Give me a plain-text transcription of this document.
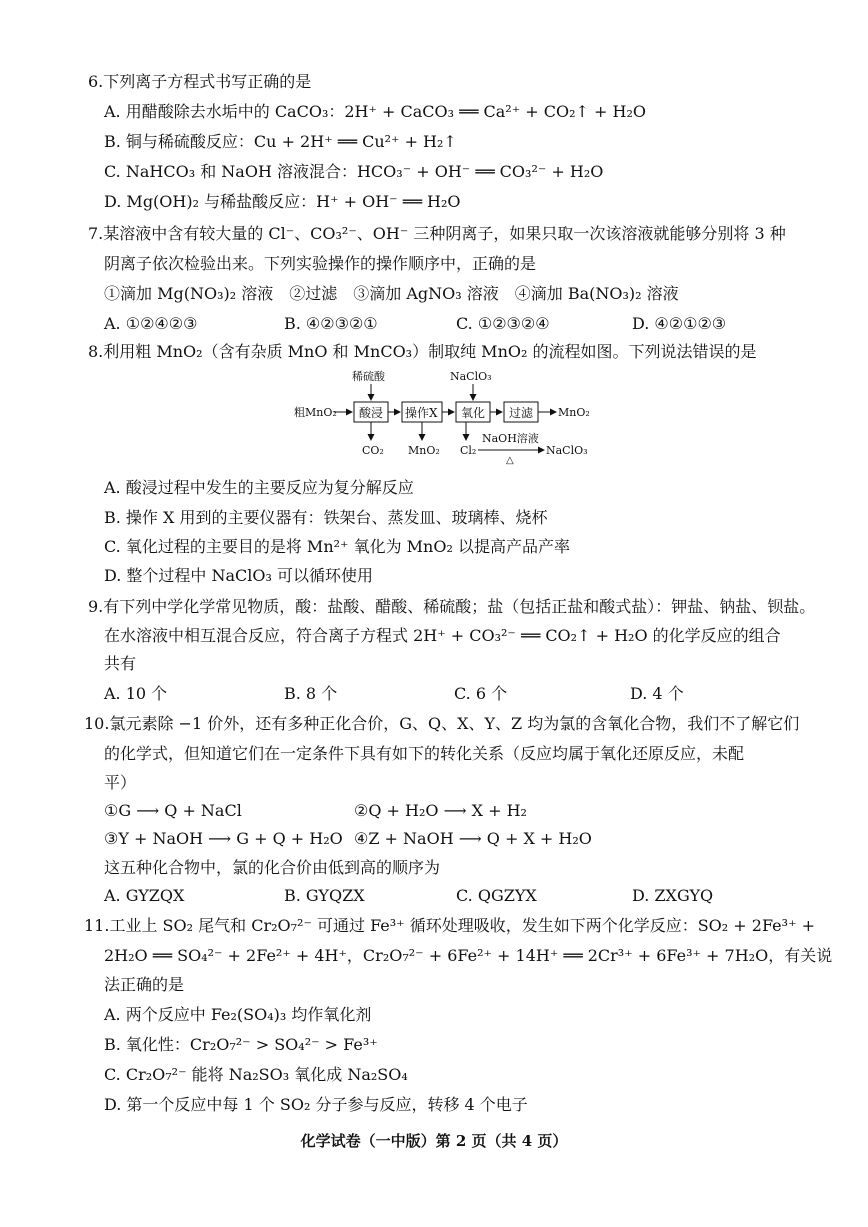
6.下列离子方程式书写正确的是
A. 用醋酸除去水垢中的 CaCO₃：2H⁺ + CaCO₃ ══ Ca²⁺ + CO₂↑ + H₂O
B. 铜与稀硫酸反应：Cu + 2H⁺ ══ Cu²⁺ + H₂↑
C. NaHCO₃ 和 NaOH 溶液混合：HCO₃⁻ + OH⁻ ══ CO₃²⁻ + H₂O
D. Mg(OH)₂ 与稀盐酸反应：H⁺ + OH⁻ ══ H₂O
7.某溶液中含有较大量的 Cl⁻、CO₃²⁻、OH⁻ 三种阴离子，如果只取一次该溶液就能够分别将 3 种
阴离子依次检验出来。下列实验操作的操作顺序中，正确的是
①滴加 Mg(NO₃)₂ 溶液　②过滤　③滴加 AgNO₃ 溶液　④滴加 Ba(NO₃)₂ 溶液
A. ①②④②③	B. ④②③②①	C. ①②③②④	D. ④②①②③
8.利用粗 MnO₂（含有杂质 MnO 和 MnCO₃）制取纯 MnO₂ 的流程如图。下列说法错误的是
粗MnO₂ 酸浸 操作X 氧化 过滤 MnO₂
稀硫酸	NaClO₃
CO₂ MnO₂ Cl₂
NaOH溶液
△
NaClO₃
A. 酸浸过程中发生的主要反应为复分解反应
B. 操作 X 用到的主要仪器有：铁架台、蒸发皿、玻璃棒、烧杯
C. 氧化过程的主要目的是将 Mn²⁺ 氧化为 MnO₂ 以提高产品产率
D. 整个过程中 NaClO₃ 可以循环使用
9.有下列中学化学常见物质，酸：盐酸、醋酸、稀硫酸；盐（包括正盐和酸式盐）：钾盐、钠盐、钡盐。
在水溶液中相互混合反应，符合离子方程式 2H⁺ + CO₃²⁻ ══ CO₂↑ + H₂O 的化学反应的组合
共有
A. 10 个	B. 8 个	C. 6 个	D. 4 个
10.氯元素除 −1 价外，还有多种正化合价，G、Q、X、Y、Z 均为氯的含氧化合物，我们不了解它们
的化学式，但知道它们在一定条件下具有如下的转化关系（反应均属于氧化还原反应，未配
平）
①G ⟶ Q + NaCl	②Q + H₂O ⟶ X + H₂
③Y + NaOH ⟶ G + Q + H₂O ④Z + NaOH ⟶ Q + X + H₂O
这五种化合物中，氯的化合价由低到高的顺序为
A. GYZQX	B. GYQZX	C. QGZYX	D. ZXGYQ
11.工业上 SO₂ 尾气和 Cr₂O₇²⁻ 可通过 Fe³⁺ 循环处理吸收，发生如下两个化学反应：SO₂ + 2Fe³⁺ +
2H₂O ══ SO₄²⁻ + 2Fe²⁺ + 4H⁺，Cr₂O₇²⁻ + 6Fe²⁺ + 14H⁺ ══ 2Cr³⁺ + 6Fe³⁺ + 7H₂O，有关说
法正确的是
A. 两个反应中 Fe₂(SO₄)₃ 均作氧化剂
B. 氧化性：Cr₂O₇²⁻ > SO₄²⁻ > Fe³⁺
C. Cr₂O₇²⁻ 能将 Na₂SO₃ 氧化成 Na₂SO₄
D. 第一个反应中每 1 个 SO₂ 分子参与反应，转移 4 个电子
化学试卷（一中版）第 2 页（共 4 页）
